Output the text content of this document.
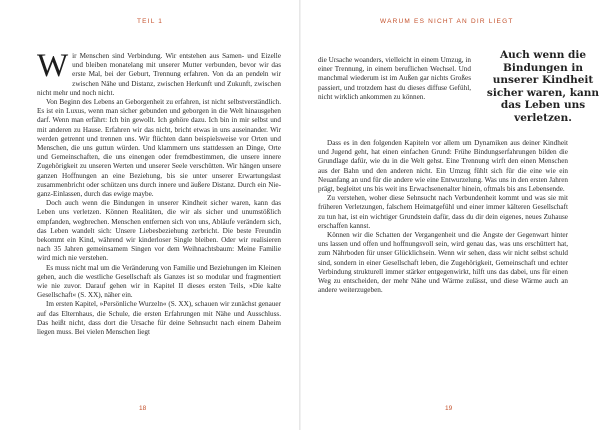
TEIL 1

Wir Menschen sind Verbindung. Wir entstehen aus Samen- und Eizelle und bleiben monatelang mit unserer Mutter verbunden, bevor wir das erste Mal, bei der Geburt, Trennung erfahren. Von da an pendeln wir zwischen Nähe und Distanz, zwischen Herkunft und Zukunft, zwischen nicht mehr und noch nicht.

Von Beginn des Lebens an Geborgenheit zu erfahren, ist nicht selbstverständlich. Es ist ein Luxus, wenn man sicher gebunden und geborgen in die Welt hinausgehen darf. Wenn man erfährt: Ich bin gewollt. Ich gehöre dazu. Ich bin in mir selbst und mit anderen zu Hause. Erfahren wir das nicht, bricht etwas in uns auseinander. Wir werden getrennt und trennen uns. Wir flüchten dann beispielsweise vor Orten und Menschen, die uns guttun würden. Und klammern uns stattdessen an Dinge, Orte und Gemeinschaften, die uns einengen oder fremdbestimmen, die unsere innere Zugehörigkeit zu unseren Werten und unserer Seele verschütten. Wir hängen unsere ganzen Hoffnungen an eine Beziehung, bis sie unter unserer Erwartungslast zusammenbricht oder schützen uns durch innere und äußere Distanz. Durch ein Nie-ganz-Einlassen, durch das ewige maybe.

Doch auch wenn die Bindungen in unserer Kindheit sicher waren, kann das Leben uns verletzen. Können Realitäten, die wir als sicher und unumstößlich empfanden, wegbrechen. Menschen entfernen sich von uns, Abläufe verändern sich, das Leben wandelt sich: Unsere Liebesbeziehung zerbricht. Die beste Freundin bekommt ein Kind, während wir kinderloser Single bleiben. Oder wir realisieren nach 35 Jahren gemeinsamem Singen vor dem Weihnachtsbaum: Meine Familie wird mich nie verstehen.

Es muss nicht mal um die Veränderung von Familie und Beziehungen im Kleinen gehen, auch die westliche Gesellschaft als Ganzes ist so modular und fragmentiert wie nie zuvor. Darauf gehen wir in Kapitel II dieses ersten Teils, »Die kalte Gesellschaft« (S. XX), näher ein.

Im ersten Kapitel, »Persönliche Wurzeln« (S. XX), schauen wir zunächst genauer auf das Elternhaus, die Schule, die ersten Erfahrungen mit Nähe und Ausschluss. Das heißt nicht, dass dort die Ursache für deine Sehnsucht nach einem Daheim liegen muss. Bei vielen Menschen liegt

18
WARUM ES NICHT AN DIR LIEGT
Auch wenn die Bindungen in unserer Kindheit sicher waren, kann das Leben uns verletzen.

die Ursache woanders, vielleicht in einem Umzug, in einer Trennung, in einem beruflichen Wechsel. Und manchmal wiederum ist im Außen gar nichts Großes passiert, und trotzdem hast du dieses diffuse Gefühl, nicht wirklich ankommen zu können.

Dass es in den folgenden Kapiteln vor allem um Dynamiken aus deiner Kindheit und Jugend geht, hat einen einfachen Grund: Frühe Bindungserfahrungen bilden die Grundlage dafür, wie du in die Welt gehst. Eine Trennung wirft den einen Menschen aus der Bahn und den anderen nicht. Ein Umzug fühlt sich für die eine wie ein Neuanfang an und für die andere wie eine Entwurzelung. Was uns in den ersten Jahren prägt, begleitet uns bis weit ins Erwachsenenalter hinein, oftmals bis ans Lebensende.

Zu verstehen, woher diese Sehnsucht nach Verbundenheit kommt und was sie mit früheren Verletzungen, falschem Heimatgefühl und einer immer kälteren Gesellschaft zu tun hat, ist ein wichtiger Grundstein dafür, dass du dir dein eigenes, neues Zuhause erschaffen kannst.

Können wir die Schatten der Vergangenheit und die Ängste der Gegenwart hinter uns lassen und offen und hoffnungsvoll sein, wird genau das, was uns erschüttert hat, zum Nährboden für unser Glücklichsein. Wenn wir sehen, dass wir nicht selbst schuld sind, sondern in einer Gesellschaft leben, die Zugehörigkeit, Gemeinschaft und echter Verbindung strukturell immer stärker entgegenwirkt, hilft uns das dabei, uns für einen Weg zu entscheiden, der mehr Nähe und Wärme zulässt, und diese Wärme auch an andere weiterzugeben.

19
